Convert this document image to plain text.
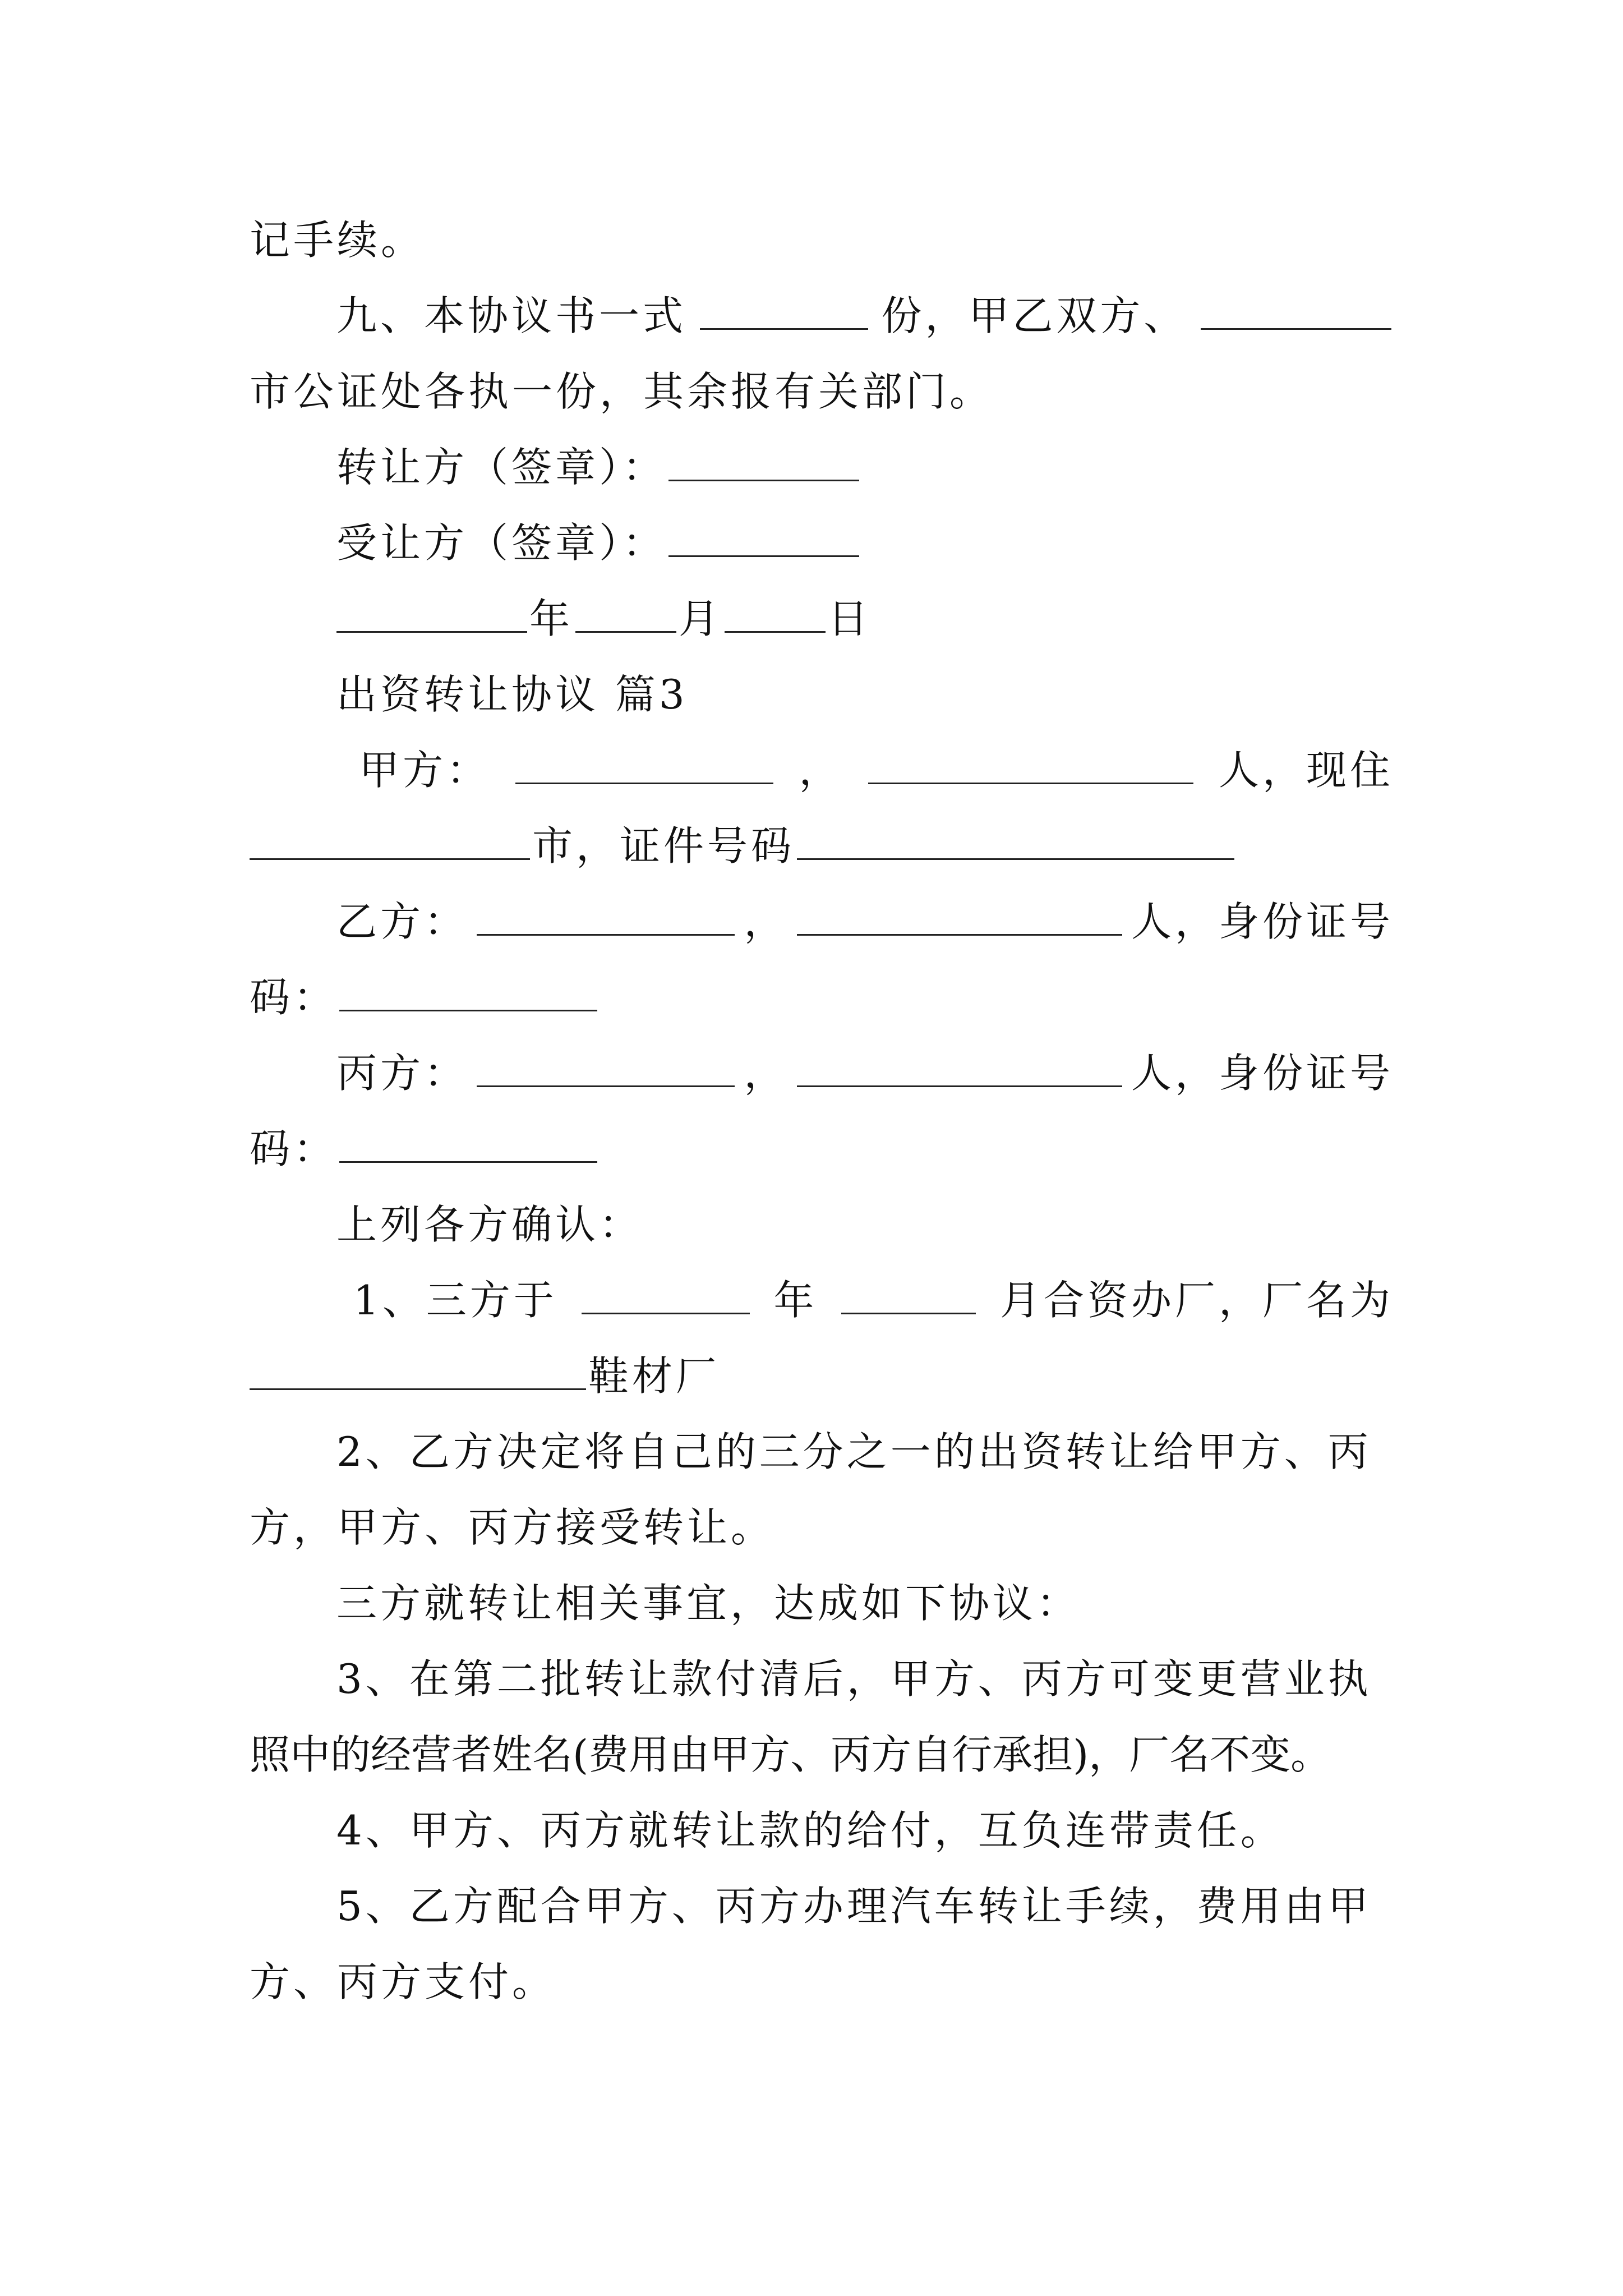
记手续。
九、本协议书一式	份，甲乙双方、
市公证处各执一份，其余报有关部门。
转让方（签章）：
受让方（签章）：
年	月	日
出资转让协议 篇3
甲方：	，	人，现住
市，证件号码
乙方：	，	人，身份证号
码：
丙方：	，	人，身份证号
码：
上列各方确认：
1、三方于	年	月合资办厂，厂名为
鞋材厂
2、乙方决定将自己的三分之一的出资转让给甲方、丙
方，甲方、丙方接受转让。
三方就转让相关事宜，达成如下协议：
3、在第二批转让款付清后，甲方、丙方可变更营业执
照中的经营者姓名(费用由甲方、丙方自行承担)，厂名不变。
4、甲方、丙方就转让款的给付，互负连带责任。
5、乙方配合甲方、丙方办理汽车转让手续，费用由甲
方、丙方支付。
